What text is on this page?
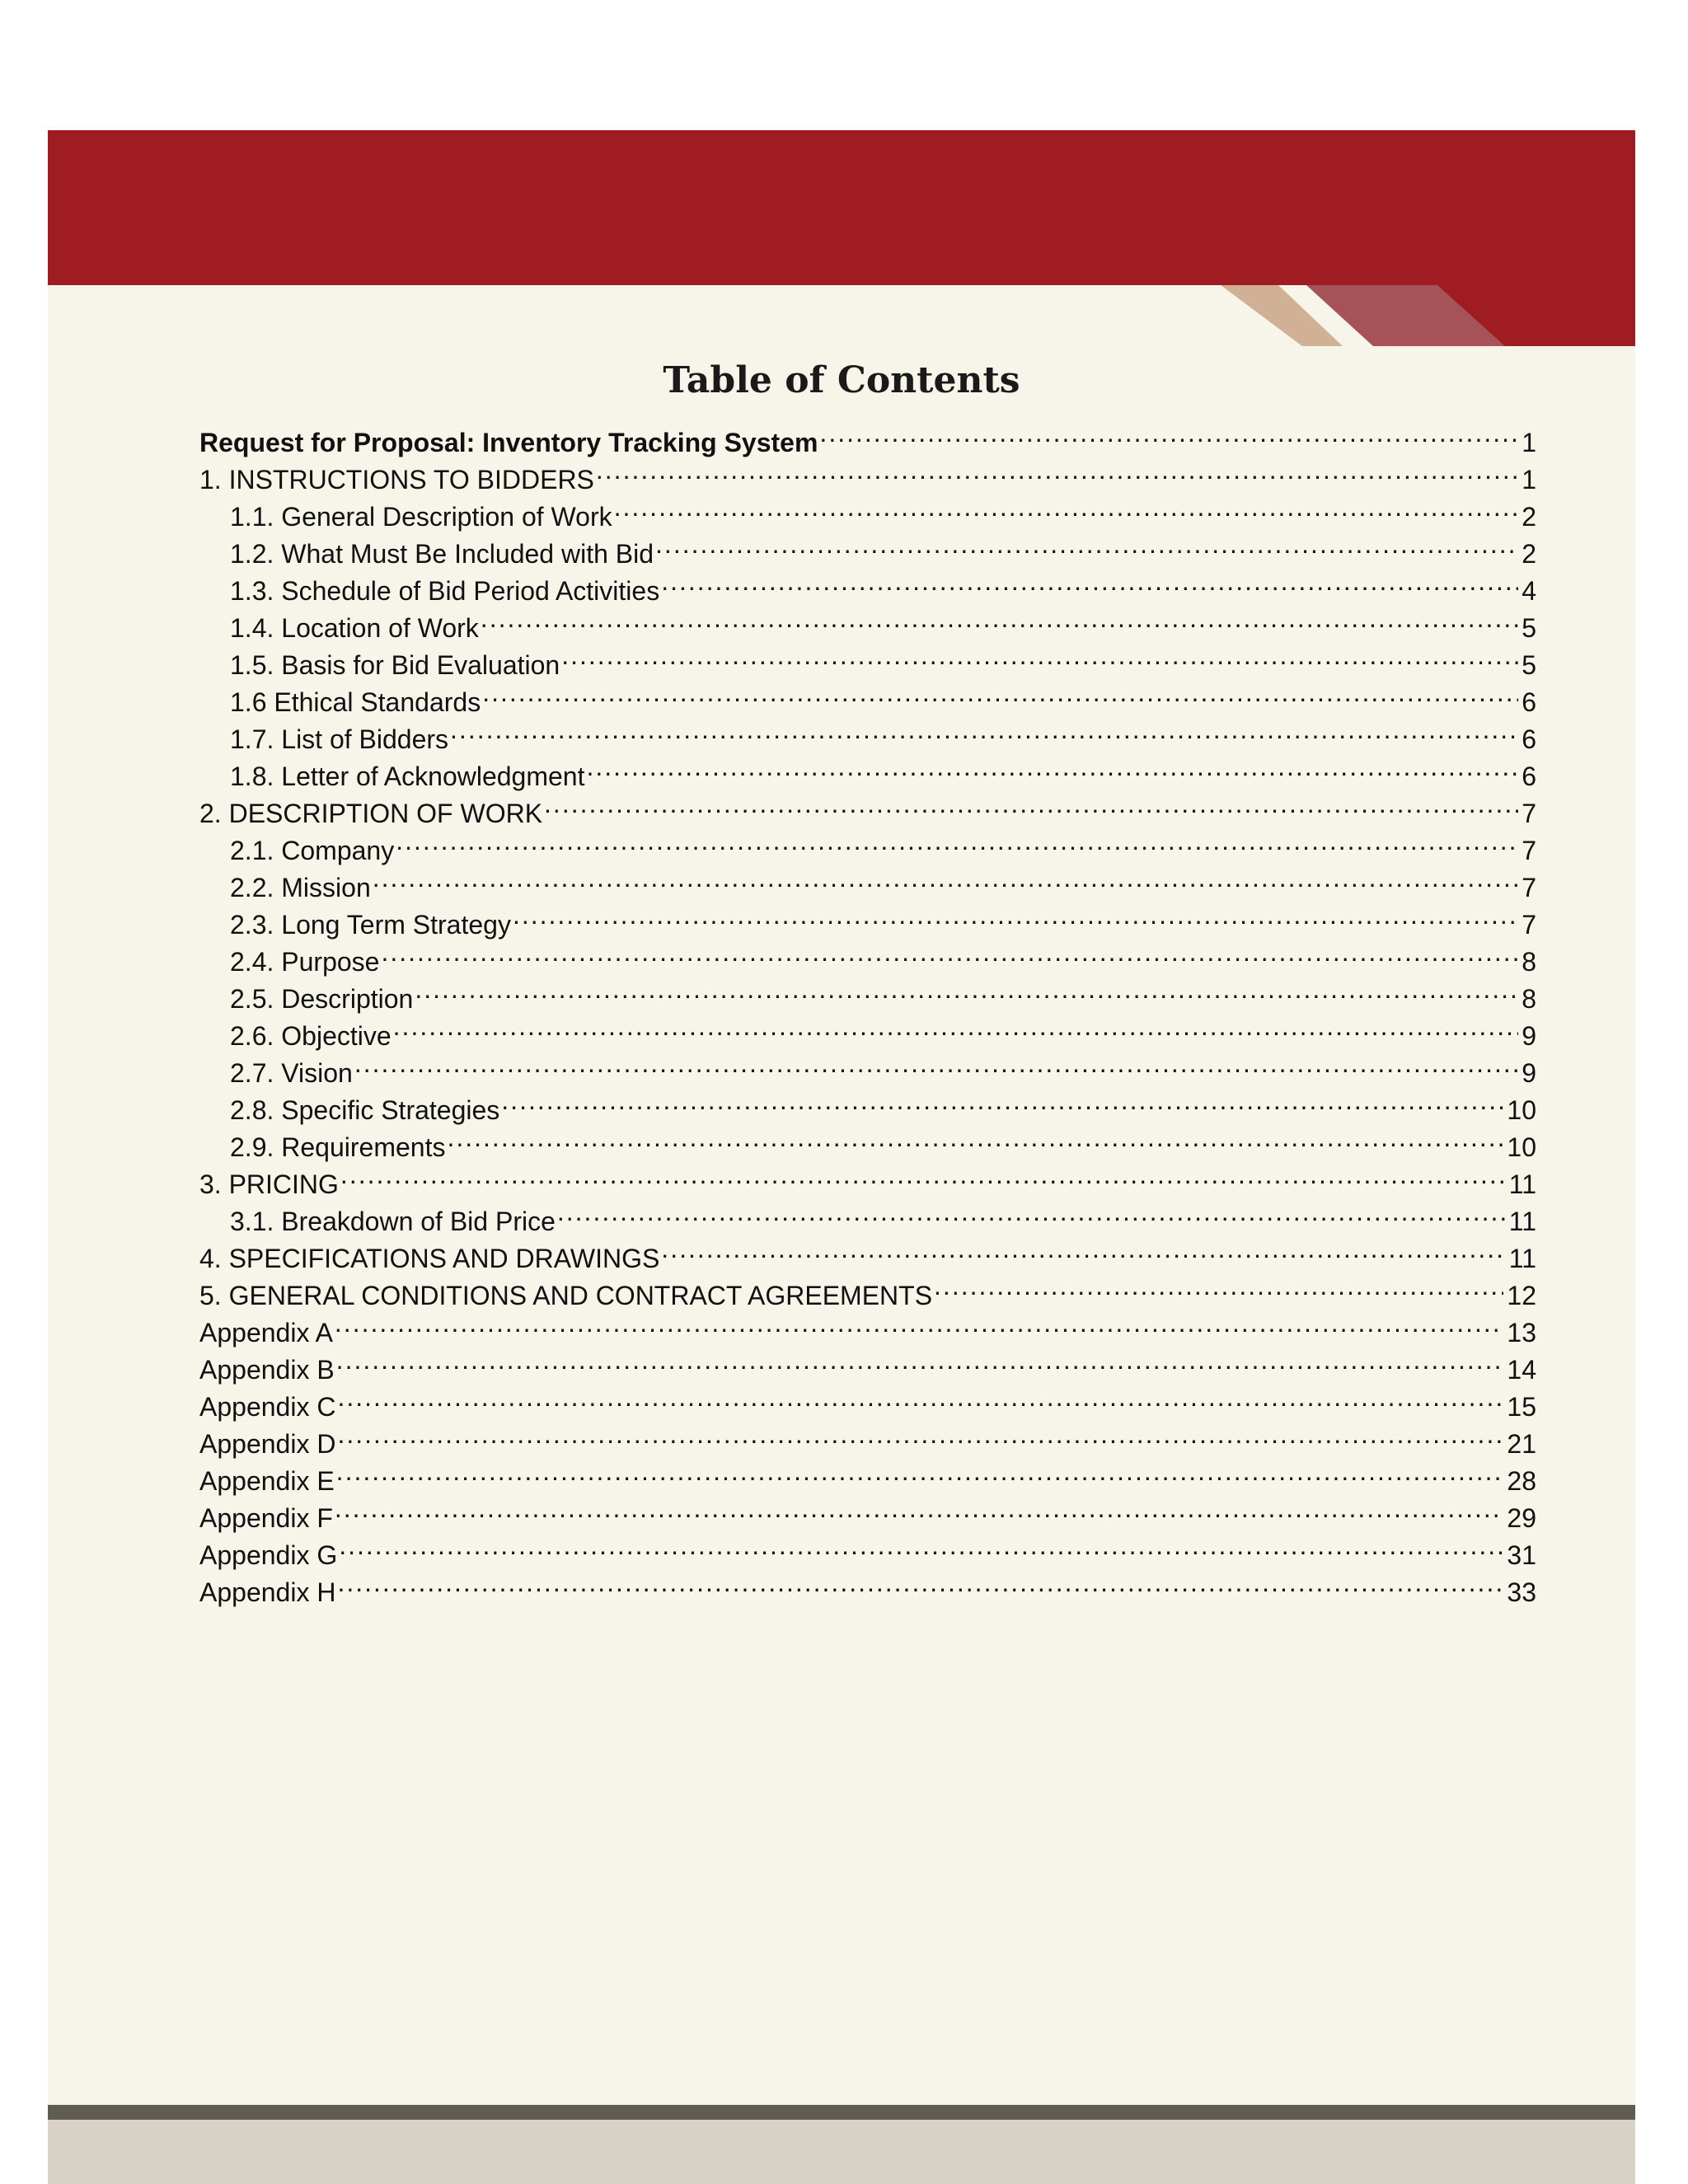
Table of Contents
Request for Proposal: Inventory Tracking System .....	1
1. INSTRUCTIONS TO BIDDERS .....	1
1.1. General Description of Work .....	2
1.2. What Must Be Included with Bid .....	2
1.3. Schedule of Bid Period Activities .....	4
1.4. Location of Work .....	5
1.5. Basis for Bid Evaluation .....	5
1.6 Ethical Standards .....	6
1.7. List of Bidders .....	6
1.8. Letter of Acknowledgment .....	6
2. DESCRIPTION OF WORK .....	7
2.1. Company .....	7
2.2. Mission .....	7
2.3. Long Term Strategy .....	7
2.4. Purpose .....	8
2.5. Description .....	8
2.6. Objective .....	9
2.7. Vision .....	9
2.8. Specific Strategies .....	10
2.9. Requirements .....	10
3. PRICING .....	11
3.1. Breakdown of Bid Price .....	11
4. SPECIFICATIONS AND DRAWINGS .....	11
5. GENERAL CONDITIONS AND CONTRACT AGREEMENTS .....	12
Appendix A .....	13
Appendix B .....	14
Appendix C .....	15
Appendix D .....	21
Appendix E .....	28
Appendix F .....	29
Appendix G .....	31
Appendix H .....	33
